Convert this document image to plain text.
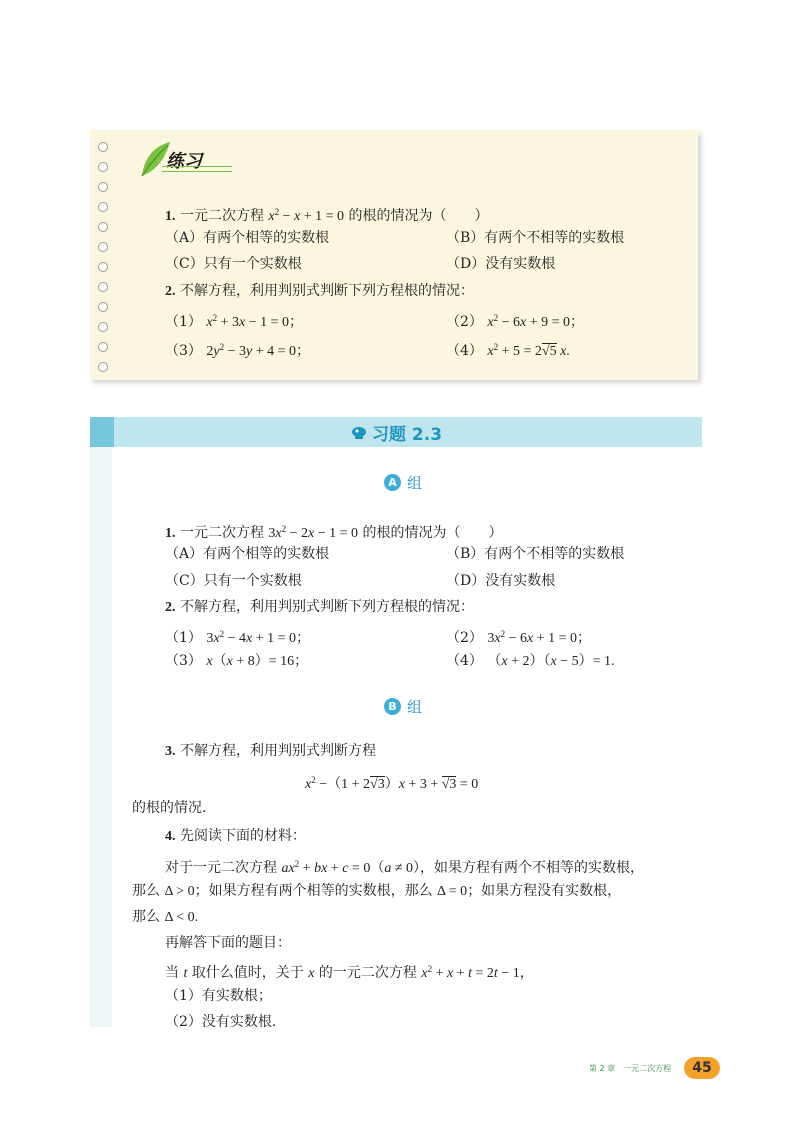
练习
1. 一元二次方程 $x^2 - x + 1 = 0$ 的根的情况为（　　）
（A）有两个相等的实数根	（B）有两个不相等的实数根
（C）只有一个实数根	（D）没有实数根
2. 不解方程，利用判别式判断下列方程根的情况：
（1） $x^2 + 3x - 1 = 0$；	（2） $x^2 - 6x + 9 = 0$；
（3） $2y^2 - 3y + 4 = 0$；	（4） $x^2 + 5 = 2√5$ x.
习题 2.3
A 组
1. 一元二次方程 $3x^2 - 2x - 1 = 0$ 的根的情况为（　　）
（A）有两个相等的实数根	（B）有两个不相等的实数根
（C）只有一个实数根	（D）没有实数根
2. 不解方程，利用判别式判断下列方程根的情况：
（1） $3x^2 - 4x + 1 = 0$；	（2） $3x^2 - 6x + 1 = 0$；
（3） x（x + 8）= 16；	（4） （x + 2）（x − 5）= 1.
B 组
3. 不解方程，利用判别式判断方程
$x^2 -(1 + 2√3)x + 3 + √3 = 0$
的根的情况.
4. 先阅读下面的材料：
对于一元二次方程 $ax^2$ + bx + c = 0（a ≠ 0），如果方程有两个不相等的实数根，
那么 Δ > 0；如果方程有两个相等的实数根，那么 Δ = 0；如果方程没有实数根，
那么 Δ < 0.
再解答下面的题目：
当 t 取什么值时，关于 x 的一元二次方程 $x^2 + x + t = 2t - 1$，
（1）有实数根；
（2）没有实数根.
第 2 章　一元二次方程	45
